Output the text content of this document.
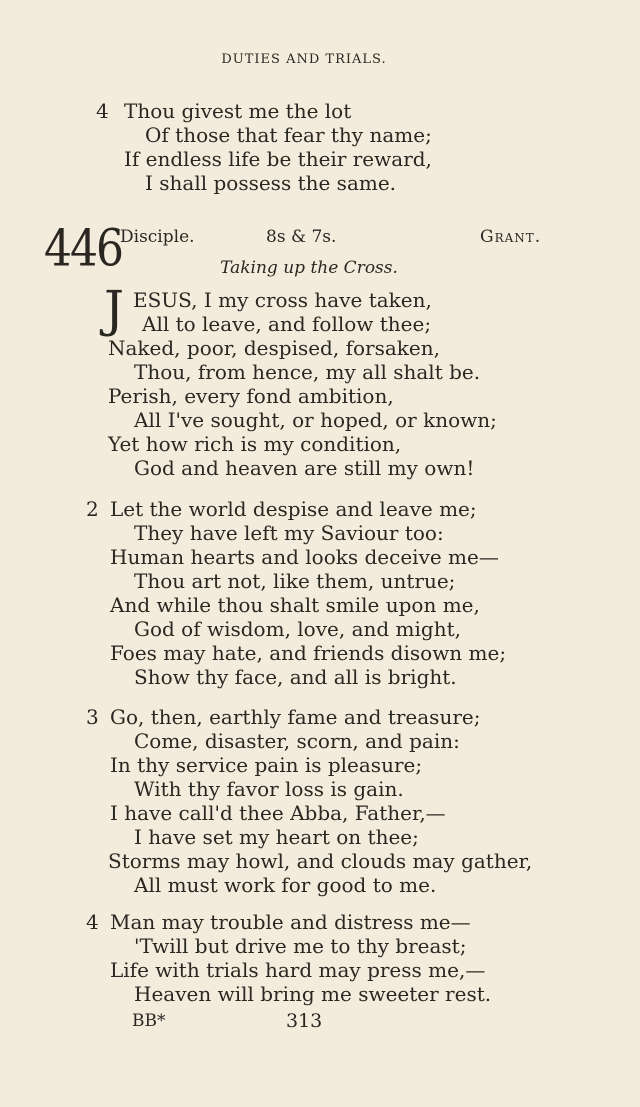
DUTIES AND TRIALS.
4 Thou givest me the lot
Of those that fear thy name;
If endless life be their reward,
I shall possess the same.
446
Disciple.	8s & 7s.	Grant.
Taking up the Cross.
J ESUS, I my cross have taken,
All to leave, and follow thee;
Naked, poor, despised, forsaken,
Thou, from hence, my all shalt be.
Perish, every fond ambition,
All I've sought, or hoped, or known;
Yet how rich is my condition,
God and heaven are still my own!
2 Let the world despise and leave me;
They have left my Saviour too:
Human hearts and looks deceive me—
Thou art not, like them, untrue;
And while thou shalt smile upon me,
God of wisdom, love, and might,
Foes may hate, and friends disown me;
Show thy face, and all is bright.
3 Go, then, earthly fame and treasure;
Come, disaster, scorn, and pain:
In thy service pain is pleasure;
With thy favor loss is gain.
I have call'd thee Abba, Father,—
I have set my heart on thee;
Storms may howl, and clouds may gather,
All must work for good to me.
4 Man may trouble and distress me—
'Twill but drive me to thy breast;
Life with trials hard may press me,—
Heaven will bring me sweeter rest.
BB*	313
